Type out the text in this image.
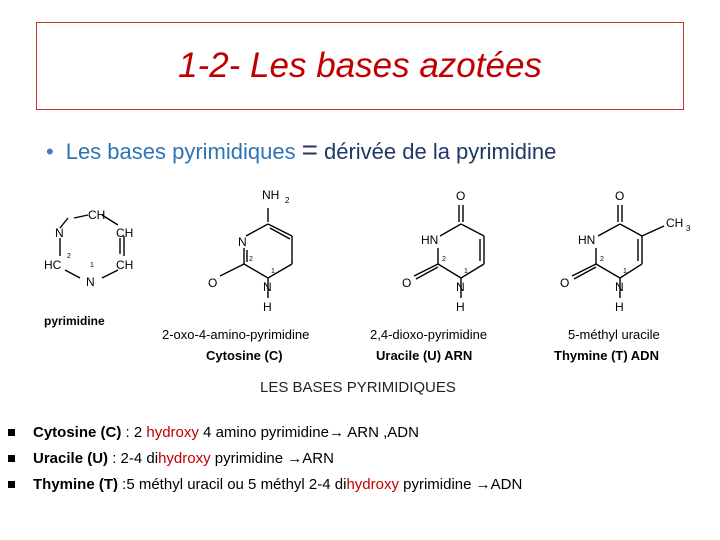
1-2- Les bases azotées
• Les bases pyrimidiques = dérivée de la pyrimidine
CH
N	CH
HC	CH
N
2
1
pyrimidine
NH 2
N
O	N
H
2
1
2-oxo-4-amino-pyrimidine
Cytosine (C)
O
HN
O	N
H
2
1
2,4-dioxo-pyrimidine
Uracile (U) ARN
O
CH 3
HN
O	N
H
2
1
5-méthyl uracile
Thymine (T) ADN
LES BASES PYRIMIDIQUES
Cytosine (C) : 2 hydroxy 4 amino pyrimidine→ ARN ,ADN
Uracile (U) : 2-4 dihydroxy pyrimidine →ARN
Thymine (T) :5 méthyl uracil ou 5 méthyl 2-4 dihydroxy pyrimidine →ADN
